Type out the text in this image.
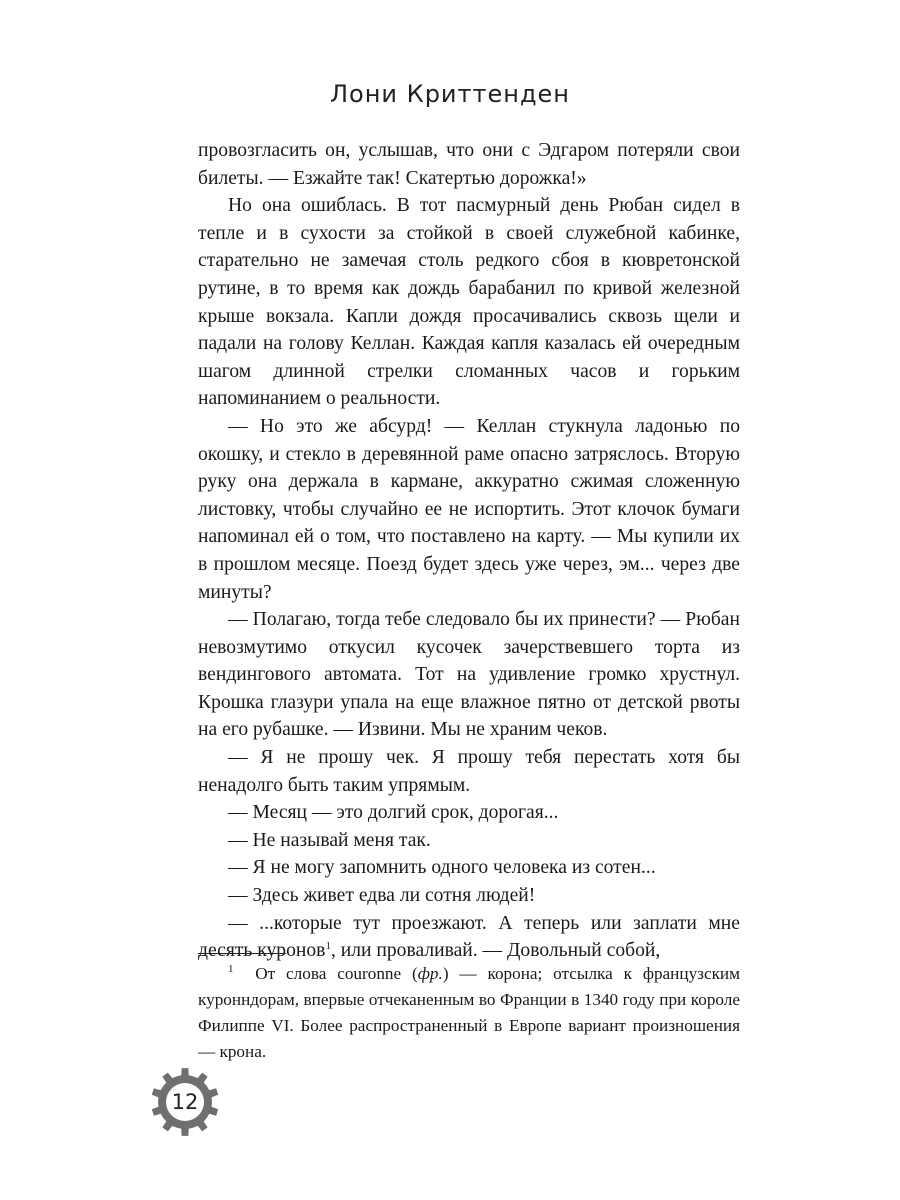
Лони Криттенден

провозгласить он, услышав, что они с Эдгаром потеряли свои билеты. — Езжайте так! Скатертью дорожка!»

Но она ошиблась. В тот пасмурный день Рюбан сидел в тепле и в сухости за стойкой в своей служебной кабинке, старательно не замечая столь редкого сбоя в кювретонской рутине, в то время как дождь барабанил по кривой железной крыше вокзала. Капли дождя просачивались сквозь щели и падали на голову Келлан. Каждая капля казалась ей очередным шагом длинной стрелки сломанных часов и горьким напоминанием о реальности.

— Но это же абсурд! — Келлан стукнула ладонью по окошку, и стекло в деревянной раме опасно затряслось. Вторую руку она держала в кармане, аккуратно сжимая сложенную листовку, чтобы случайно ее не испортить. Этот клочок бумаги напоминал ей о том, что поставлено на карту. — Мы купили их в прошлом месяце. Поезд будет здесь уже через, эм... через две минуты?

— Полагаю, тогда тебе следовало бы их принести? — Рюбан невозмутимо откусил кусочек зачерствевшего торта из вендингового автомата. Тот на удивление громко хрустнул. Крошка глазури упала на еще влажное пятно от детской рвоты на его рубашке. — Извини. Мы не храним чеков.

— Я не прошу чек. Я прошу тебя перестать хотя бы ненадолго быть таким упрямым.

— Месяц — это долгий срок, дорогая...

— Не называй меня так.

— Я не могу запомнить одного человека из сотен...

— Здесь живет едва ли сотня людей!

— ...которые тут проезжают. А теперь или заплати мне десять куронов$^1$, или проваливай. — Довольный собой,

$^1$ От слова couronne (фр.) — корона; отсылка к французским куронндорам, впервые отчеканенным во Франции в 1340 году при короле Филиппе VI. Более распространенный в Европе вариант произношения — крона.

12
